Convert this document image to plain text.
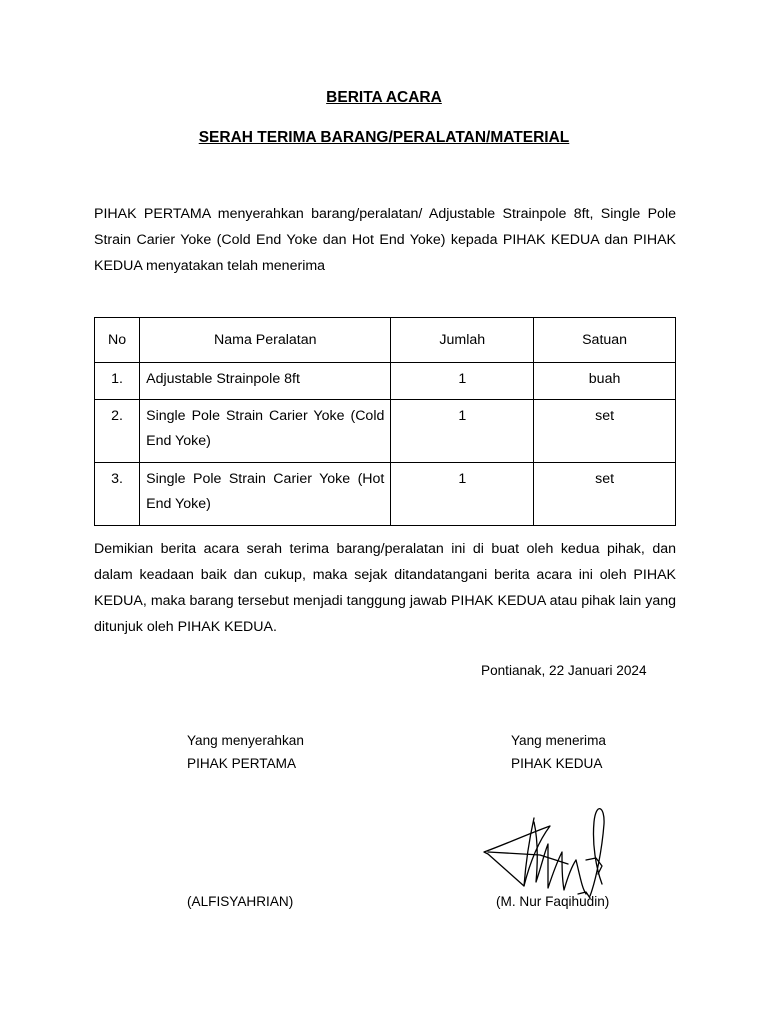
BERITA ACARA
SERAH TERIMA BARANG/PERALATAN/MATERIAL
PIHAK PERTAMA menyerahkan barang/peralatan/ Adjustable Strainpole 8ft, Single Pole Strain Carier Yoke (Cold End Yoke dan Hot End Yoke) kepada PIHAK KEDUA dan PIHAK KEDUA menyatakan telah menerima
No	Nama Peralatan	Jumlah	Satuan
1.	Adjustable Strainpole 8ft	1	buah
2.	Single Pole Strain Carier Yoke (Cold End Yoke)	1	set
3.	Single Pole Strain Carier Yoke (Hot End Yoke)	1	set
Demikian berita acara serah terima barang/peralatan ini di buat oleh kedua pihak, dan dalam keadaan baik dan cukup, maka sejak ditandatangani berita acara ini oleh PIHAK KEDUA, maka barang tersebut menjadi tanggung jawab PIHAK KEDUA atau pihak lain yang ditunjuk oleh PIHAK KEDUA.
Pontianak, 22 Januari 2024
Yang menyerahkan
PIHAK PERTAMA
Yang menerima
PIHAK KEDUA
(ALFISYAHRIAN)	(M. Nur Faqihudin)
